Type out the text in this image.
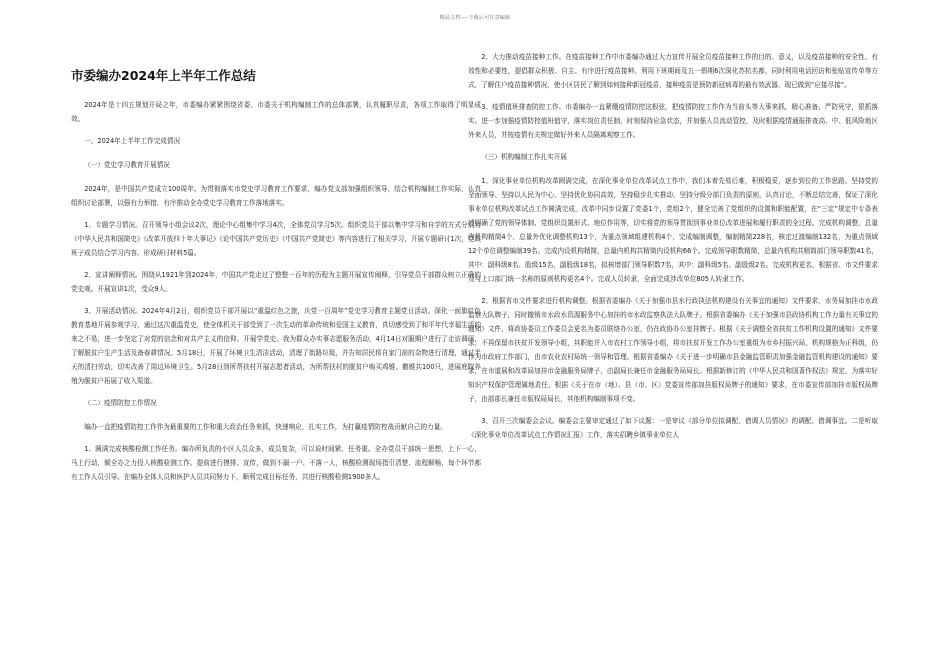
精品文档----下载后可任意编辑
市委编办2024年上半年工作总结

2024年是十四五规划开局之年，市委编办紧紧围绕省委、市委关于机构编制工作的总体部署，认真履职尽责，各项工作取得了明显成效。

一、2024年上半年工作完成情况

（一）党史学习教育开展情况

2024年，是中国共产党成立100周年。为贯彻落实市党史学习教育工作要求，编办党支部加强组织领导，结合机构编制工作实际，认真组织讨论部署，以强有力举措，有序推动全办党史学习教育工作落地落实。

1、专题学习情况。召开领导小组会议2次，理论中心组集中学习4次，全体党员学习5次。组织党员干部以集中学习和自学的方式分别对《中华人民共和国简史》《改革开放四十年大事记》《论中国共产党历史》《中国共产党简史》等内容进行了相关学习，开展专题研讨1次，党政班子成员结合学习内容，形成研讨材料5篇。

2、宣讲阐释情况。围绕从1921年到2024年，中国共产党走过了整整一百年的历程为主题开展宣传阐释，引导党员干部群众树立正确的党史观。开展宣讲1次，受众9人。

3、开展活动情况。2024年4月2日，组织党员干部开展以“重温红色之旅，庆党一百周年”党史学习教育主题党日活动。深化一面旗红色教育基地开展参观学习，通过这次重温党史，使全体机关干部受到了一次生动的革命传统和爱国主义教育，真切感受到了和平年代幸福生活的来之不易，进一步坚定了对党的信念和对共产主义的信仰。开展学党史、我为群众办实事志愿服务活动，4月14日对服期户进行了走访调研，了解脱贫户生产生活及备春耕情况。5月18日，开展了环境卫生清洁活动，清理了街路垃圾，并告知居民将自家门前的杂物进行清理，通过半天的清扫劳动，切实改善了周边环境卫生。5月28日到所帮扶村开展志愿者活动，为所帮扶村的脱贫户购买鸡锥、鹅锥共100只，进展庭院养殖为脱贫户拓展了收入渠道。

（二）疫情防控工作情况

编办一直把疫情防控工作作为最重要的工作和重大政治任务来抓，快速响应，扎实工作，为打赢疫情防控战贡献自己的力量。

1、圆满完成核酸检测工作任务。编办所负责的小区人员众多，成员复杂，可以说时间紧、任务重。全办党员干部统一思想，上下一心，马上行动，倾全办之力投入核酸检测工作。提前进行摸排、宣传，做到不漏一户、不落一人，核酸检测现场指引清楚、流程顺畅，每个环节都有工作人员引导。在编办全体人员和医护人员共同努力下，顺利完成目标任务，共进行核酸检测1900多人。

2、大力推动疫苗接种工作。在疫苗接种工作中市委编办通过大力宣传开展全员疫苗接种工作的目的、意义，以及疫苗接种的安全性、有效性和必要性，提倡群众积极、自主、有序进行疫苗接种。利用下班期间及五一假期6次深化苏杭名都，同时利用电话回访和张贴宣传单等方式，了解住户疫苗接种情况，使小区居民了解到如何接种新冠疫苗，接种疫苗是预防新冠病毒的最有效武器，现已做到“应接尽接”。

3、疫情值班排查防控工作。市委编办一直紧绷疫情防控这根弦，把疫情防控工作作为当前头等大事来抓，精心准备、严防死守，狠抓落实。进一步加强疫情防控值班值守，落实岗位责任制，时刻保持应急状态，并加强人员流动管控，及时根据疫情通报排查高、中、低风险地区外来人员，并按疫情有关规定做好外来人员隔离观察工作。

（三）机构编制工作扎实开展

1、深化事业单位机构改革圆满完成，在深化事业单位改革试点工作中，我们本着先易后难，积极稳妥，逐步到位的工作思路。坚持党的全面领导、坚持以人民为中心、坚持优化协同高效，坚持稳步扎实推动，坚持分级分部门负责的原则，认真讨论，不断总结完善，保证了深化事业单位机构改革试点工作圆满完成，改革中同步设置了党委1个，党组2个，健全完善了党组织的设置和职能配置，在“三定”规定中专条表述明确了党的领导体制、党组织设置形式、地位作用等，切实将党的领导贯彻到事业单位改革进展和履行职责的全过程。完成机构调整，总量内机构精简4个、总量外优化调整机构13个，为重点领域组建机构4个，完成编制调整，编制精简228名，核定过渡编制132名，为重点领域12个单位调整编制39名。完成内设机构精简，总量内机构共精简内设机构66个。完成领导职数精简，总量内机构共精简部门领导职数41名，其中：副科级8名、股级15名，副股级18名，拟核增部门领导职数7名，其中：副科级5名、副股级2名。完成机构更名，根据省、市文件要求及与上口部门统一名称的原则机构更名4个。完成人员转隶，全面完成涉改单位805人转隶工作。

2、根据省市文件要求进行机构调整。根据省委编办《关于加强市县水行政执法机构建设有关事宜的通知》文件要求，水务局加挂市水政监察大队牌子，同时撤销市水政水资源服务中心加挂的市水政监察执法大队牌子。根据省委编办《关于加强市县政协机构工作力量有关事宜的通知》文件，将政协委员工作委员会更名为委员联络办公室，仍在政协办公室挂牌子。根据《关于调整全省扶贫工作机构设置的通知》文件要求，不再保留市扶贫开发领导小组，其职能并入市农村工作领导小组，将市扶贫开发工作办公室重组为市乡村振兴局，机构规格为正科级，仍作为市政府工作部门，由市农业农村局统一领导和管理。根据省委编办《关于进一步明确市县金融监管职责加强金融监管机构建设的通知》要求，在市道展和改革局加挂市金融服务局牌子，由副局长兼任市金融服务局局长。根据新修订的《中华人民共和国著作权法》规定，为落实好知识产权保护管理属地责任，根据《关于在市（地）、县（市、区）党委宣传部加挂版权局牌子的通知》要求，在市委宣传部加挂市版权局牌子，由部部长兼任市版权局局长，其他机构编制事项不变。

3、召开三次编委会会议。编委会主要审定通过了如下议题：一是审议《部分单位拟调配、借调人员情况》的调配、借调事宜。二是听取《深化事业单位改革试点工作情况汇报》工作，落实招聘乡镇事业单位人
